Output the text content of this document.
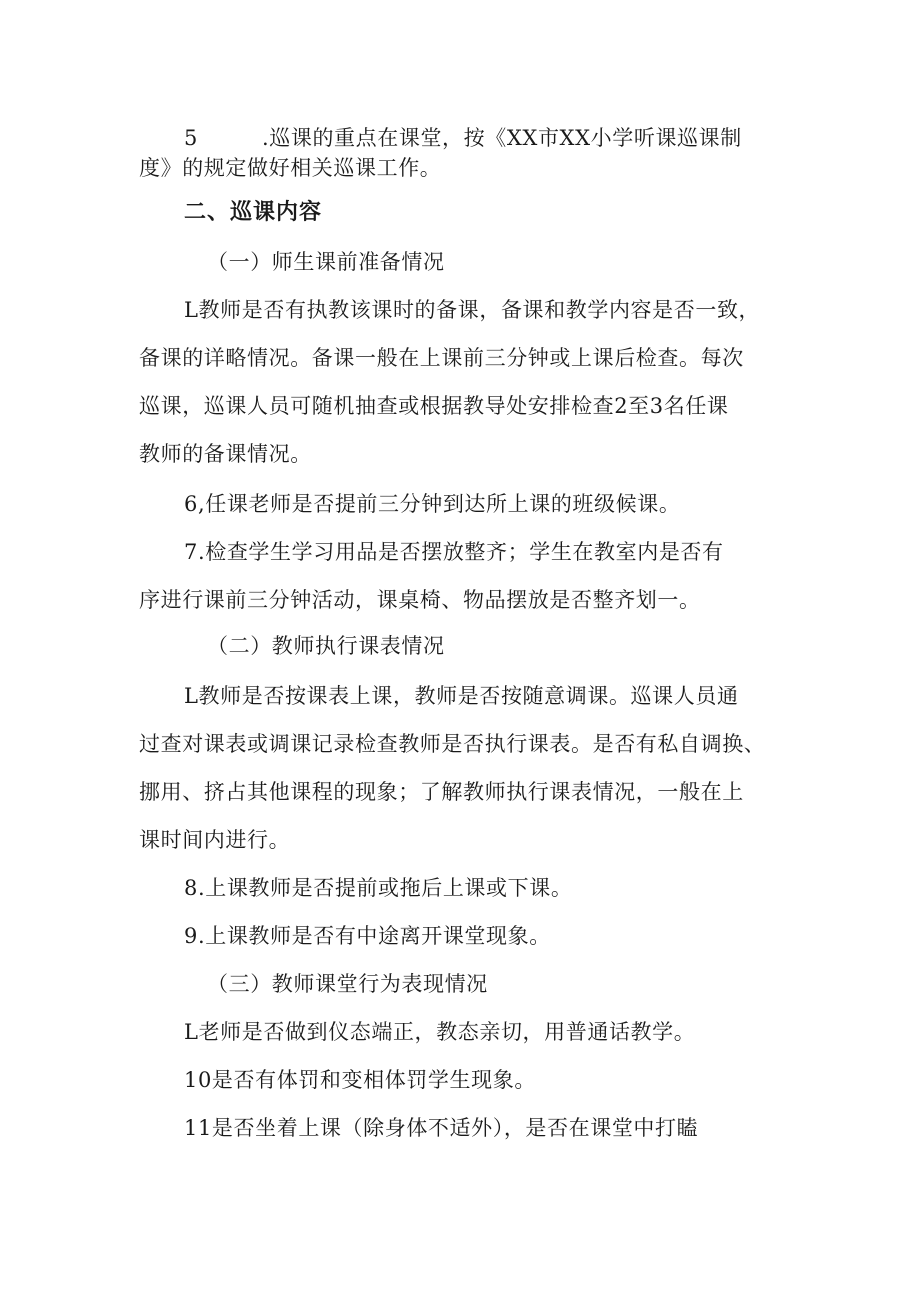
5	.巡课的重点在课堂，按《XX市XX小学听课巡课制
度》的规定做好相关巡课工作。
二、巡课内容
（一）师生课前准备情况
L教师是否有执教该课时的备课，备课和教学内容是否一致，
备课的详略情况。备课一般在上课前三分钟或上课后检查。每次
巡课，巡课人员可随机抽查或根据教导处安排检查2至3名任课
教师的备课情况。
6,任课老师是否提前三分钟到达所上课的班级候课。
7.检查学生学习用品是否摆放整齐；学生在教室内是否有
序进行课前三分钟活动，课桌椅、物品摆放是否整齐划一。
（二）教师执行课表情况
L教师是否按课表上课，教师是否按随意调课。巡课人员通
过查对课表或调课记录检查教师是否执行课表。是否有私自调换、
挪用、挤占其他课程的现象；了解教师执行课表情况，一般在上
课时间内进行。
8.上课教师是否提前或拖后上课或下课。
9.上课教师是否有中途离开课堂现象。
（三）教师课堂行为表现情况
L老师是否做到仪态端正，教态亲切，用普通话教学。
10是否有体罚和变相体罚学生现象。
11是否坐着上课（除身体不适外），是否在课堂中打瞌
